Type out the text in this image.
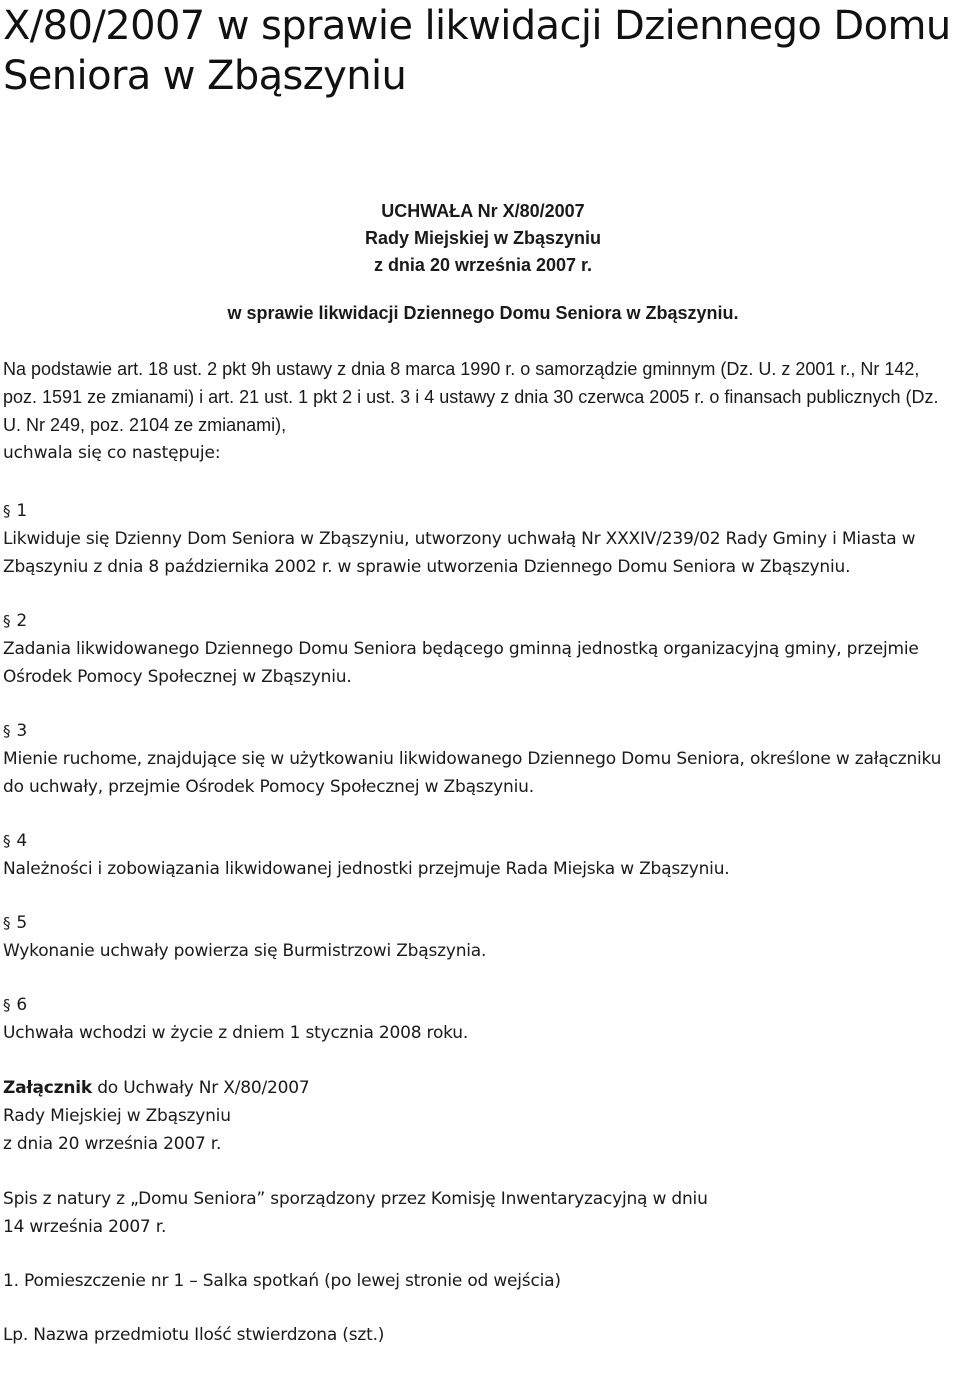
X/80/2007 w sprawie likwidacji Dziennego Domu Seniora w Zbąszyniu
UCHWAŁA Nr X/80/2007
Rady Miejskiej w Zbąszyniu
z dnia 20 września 2007 r.
w sprawie likwidacji Dziennego Domu Seniora w Zbąszyniu.
Na podstawie art. 18 ust. 2 pkt 9h ustawy z dnia 8 marca 1990 r. o samorządzie gminnym (Dz. U. z 2001 r., Nr 142, poz. 1591 ze zmianami) i art. 21 ust. 1 pkt 2 i ust. 3 i 4 ustawy z dnia 30 czerwca 2005 r. o finansach publicznych (Dz. U. Nr 249, poz. 2104 ze zmianami),
uchwala się co następuje:
§ 1
Likwiduje się Dzienny Dom Seniora w Zbąszyniu, utworzony uchwałą Nr XXXIV/239/02 Rady Gminy i Miasta w Zbąszyniu z dnia 8 października 2002 r. w sprawie utworzenia Dziennego Domu Seniora w Zbąszyniu.
§ 2
Zadania likwidowanego Dziennego Domu Seniora będącego gminną jednostką organizacyjną gminy, przejmie Ośrodek Pomocy Społecznej w Zbąszyniu.
§ 3
Mienie ruchome, znajdujące się w użytkowaniu likwidowanego Dziennego Domu Seniora, określone w załączniku do uchwały, przejmie Ośrodek Pomocy Społecznej w Zbąszyniu.
§ 4
Należności i zobowiązania likwidowanej jednostki przejmuje Rada Miejska w Zbąszyniu.
§ 5
Wykonanie uchwały powierza się Burmistrzowi Zbąszynia.
§ 6
Uchwała wchodzi w życie z dniem 1 stycznia 2008 roku.
Załącznik do Uchwały Nr X/80/2007
Rady Miejskiej w Zbąszyniu
z dnia 20 września 2007 r.
Spis z natury z „Domu Seniora” sporządzony przez Komisję Inwentaryzacyjną w dniu
14 września 2007 r.
1. Pomieszczenie nr 1 – Salka spotkań (po lewej stronie od wejścia)
Lp. Nazwa przedmiotu Ilość stwierdzona (szt.)
